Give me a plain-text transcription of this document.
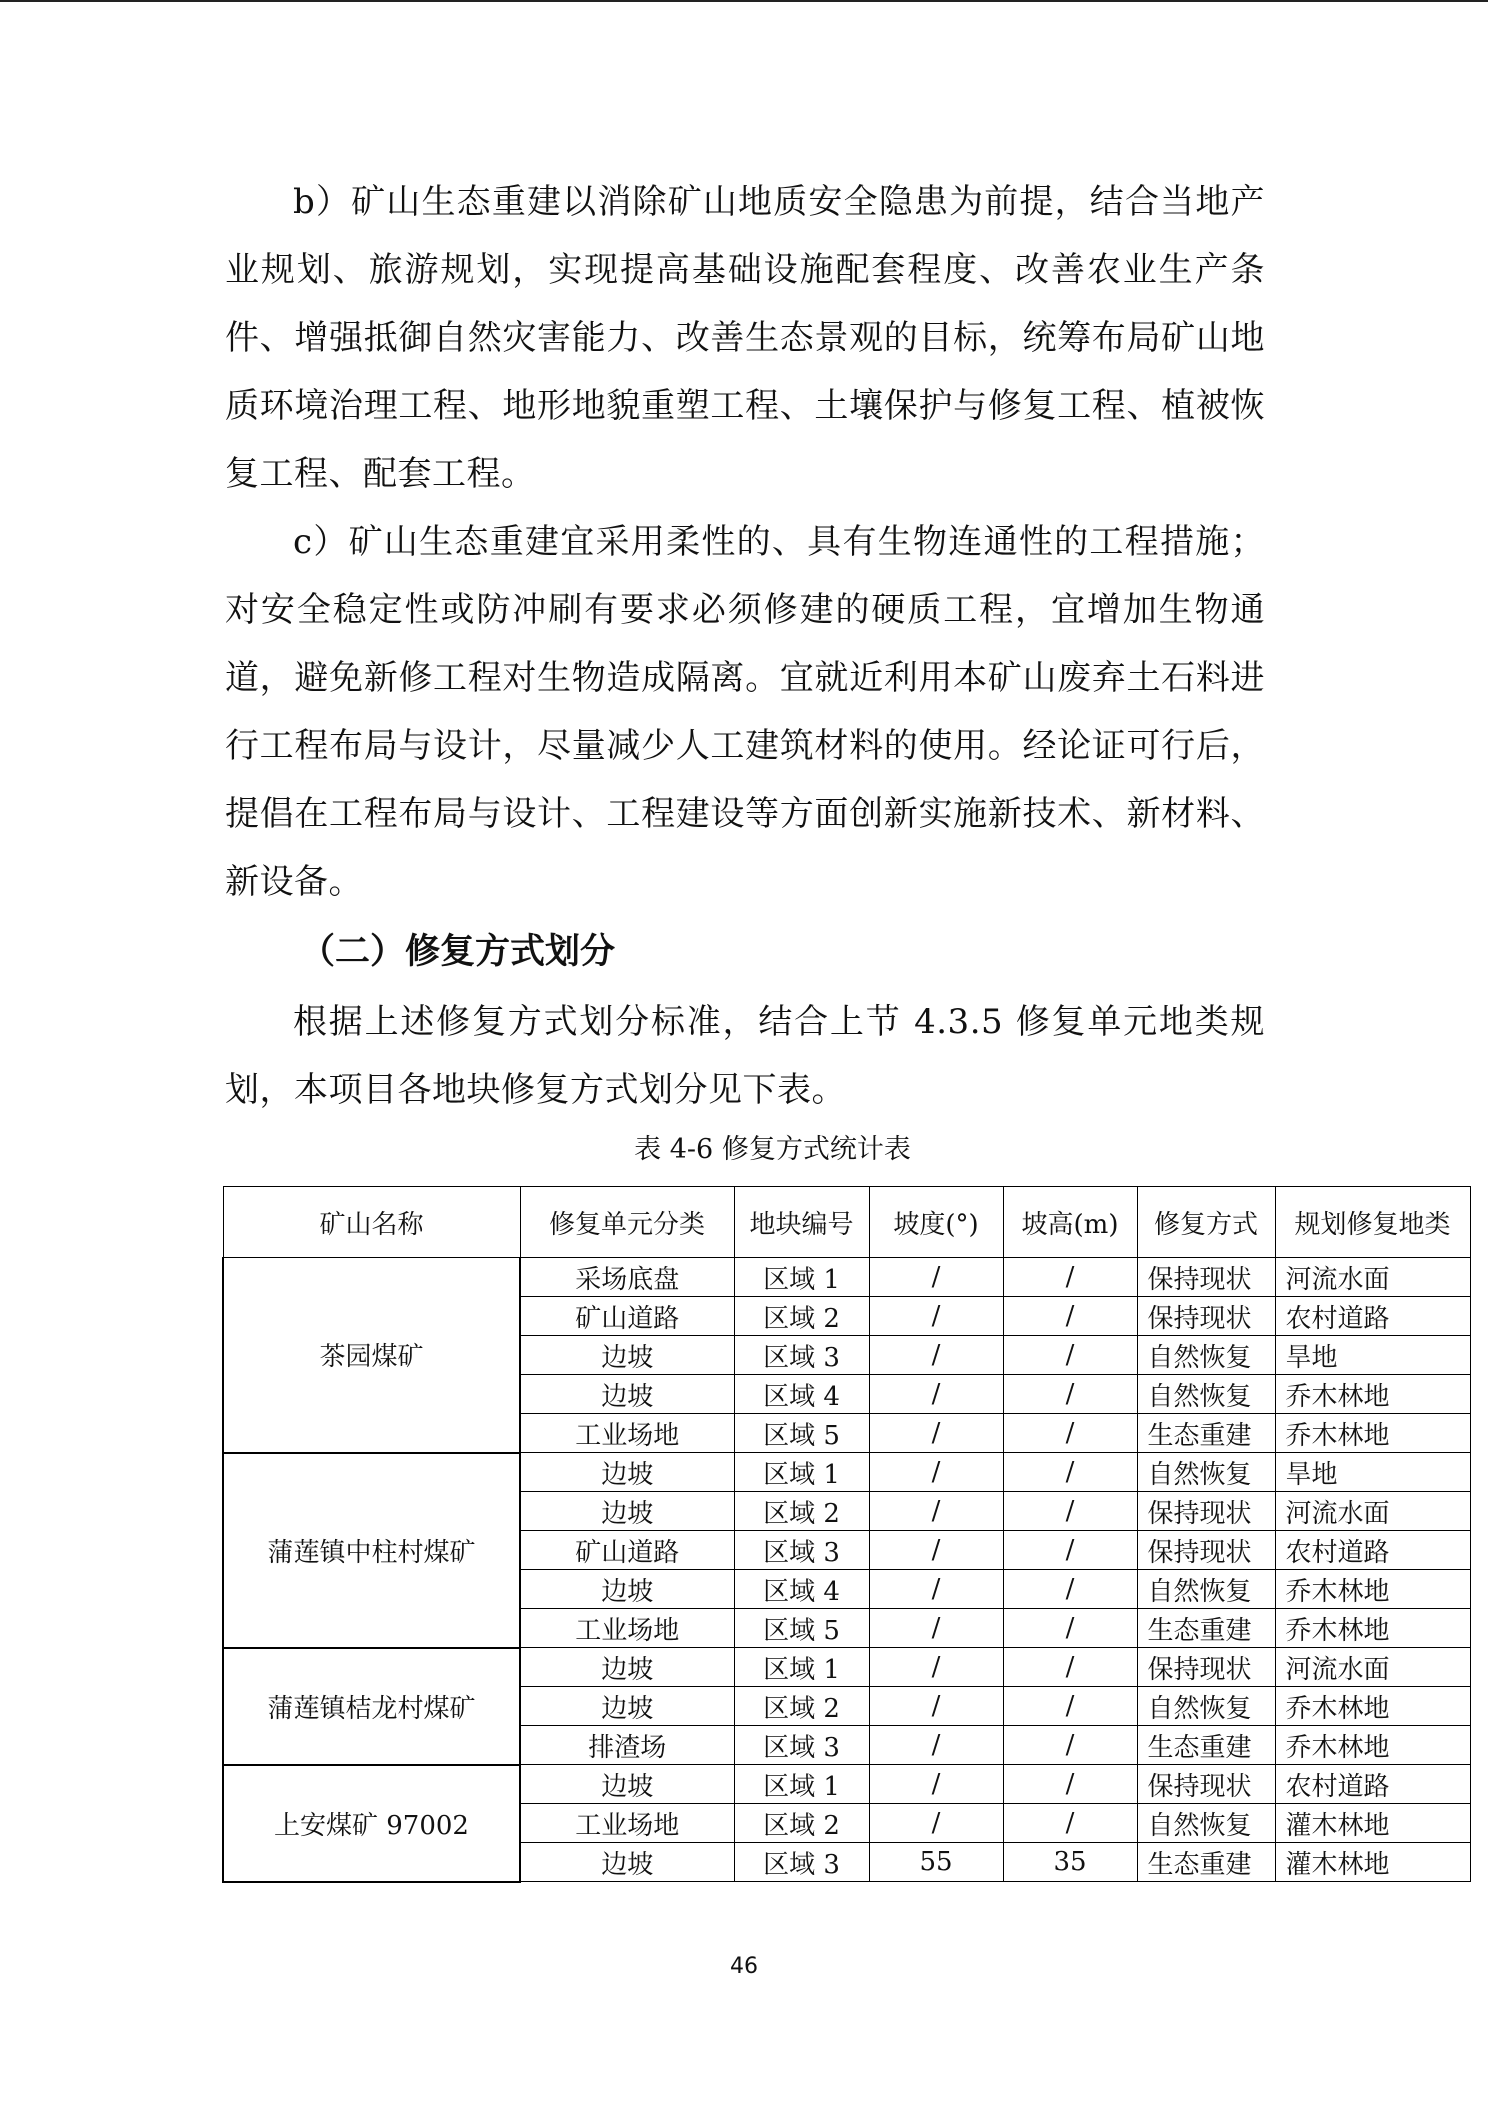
b）矿山生态重建以消除矿山地质安全隐患为前提，结合当地产业规划、旅游规划，实现提高基础设施配套程度、改善农业生产条件、增强抵御自然灾害能力、改善生态景观的目标，统筹布局矿山地质环境治理工程、地形地貌重塑工程、土壤保护与修复工程、植被恢复工程、配套工程。

c）矿山生态重建宜采用柔性的、具有生物连通性的工程措施；对安全稳定性或防冲刷有要求必须修建的硬质工程，宜增加生物通道，避免新修工程对生物造成隔离。宜就近利用本矿山废弃土石料进行工程布局与设计，尽量减少人工建筑材料的使用。经论证可行后，提倡在工程布局与设计、工程建设等方面创新实施新技术、新材料、新设备。

（二）修复方式划分

根据上述修复方式划分标准，结合上节 4.3.5 修复单元地类规划，本项目各地块修复方式划分见下表。

表 4-6 修复方式统计表
矿山名称	修复单元分类	地块编号	坡度(°)	坡高(m)	修复方式	规划修复地类
茶园煤矿	采场底盘	区域 1	/	/	保持现状	河流水面
	矿山道路	区域 2	/	/	保持现状	农村道路
	边坡	区域 3	/	/	自然恢复	旱地
	边坡	区域 4	/	/	自然恢复	乔木林地
	工业场地	区域 5	/	/	生态重建	乔木林地
蒲莲镇中柱村煤矿	边坡	区域 1	/	/	自然恢复	旱地
	边坡	区域 2	/	/	保持现状	河流水面
	矿山道路	区域 3	/	/	保持现状	农村道路
	边坡	区域 4	/	/	自然恢复	乔木林地
	工业场地	区域 5	/	/	生态重建	乔木林地
蒲莲镇桔龙村煤矿	边坡	区域 1	/	/	保持现状	河流水面
	边坡	区域 2	/	/	自然恢复	乔木林地
	排渣场	区域 3	/	/	生态重建	乔木林地
上安煤矿 97002	边坡	区域 1	/	/	保持现状	农村道路
	工业场地	区域 2	/	/	自然恢复	灌木林地
	边坡	区域 3	55	35	生态重建	灌木林地
46
